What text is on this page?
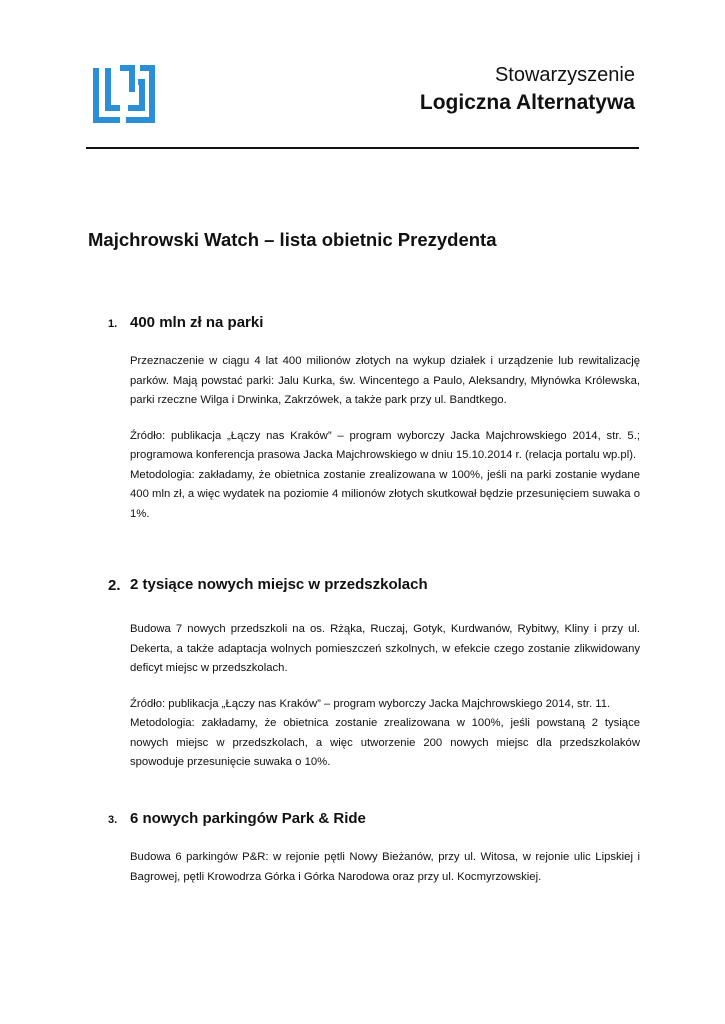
Stowarzyszenie
Logiczna Alternatywa
Majchrowski Watch – lista obietnic Prezydenta
1. 400 mln zł na parki

Przeznaczenie w ciągu 4 lat 400 milionów złotych na wykup działek i urządzenie lub rewitalizację parków. Mają powstać parki: Jalu Kurka, św. Wincentego a Paulo, Aleksandry, Młynówka Królewska, parki rzeczne Wilga i Drwinka, Zakrzówek, a także park przy ul. Bandtkego.

Źródło: publikacja „Łączy nas Kraków” – program wyborczy Jacka Majchrowskiego 2014, str. 5.; programowa konferencja prasowa Jacka Majchrowskiego w dniu 15.10.2014 r. (relacja portalu wp.pl).

Metodologia: zakładamy, że obietnica zostanie zrealizowana w 100%, jeśli na parki zostanie wydane 400 mln zł, a więc wydatek na poziomie 4 milionów złotych skutkował będzie przesunięciem suwaka o 1%.

2. 2 tysiące nowych miejsc w przedszkolach

Budowa 7 nowych przedszkoli na os. Rżąka, Ruczaj, Gotyk, Kurdwanów, Rybitwy, Kliny i przy ul. Dekerta, a także adaptacja wolnych pomieszczeń szkolnych, w efekcie czego zostanie zlikwidowany deficyt miejsc w przedszkolach.

Źródło: publikacja „Łączy nas Kraków” – program wyborczy Jacka Majchrowskiego 2014, str. 11.

Metodologia: zakładamy, że obietnica zostanie zrealizowana w 100%, jeśli powstaną 2 tysiące nowych miejsc w przedszkolach, a więc utworzenie 200 nowych miejsc dla przedszkolaków spowoduje przesunięcie suwaka o 10%.

3. 6 nowych parkingów Park & Ride

Budowa 6 parkingów P&R: w rejonie pętli Nowy Bieżanów, przy ul. Witosa, w rejonie ulic Lipskiej i Bagrowej, pętli Krowodrza Górka i Górka Narodowa oraz przy ul. Kocmyrzowskiej.
